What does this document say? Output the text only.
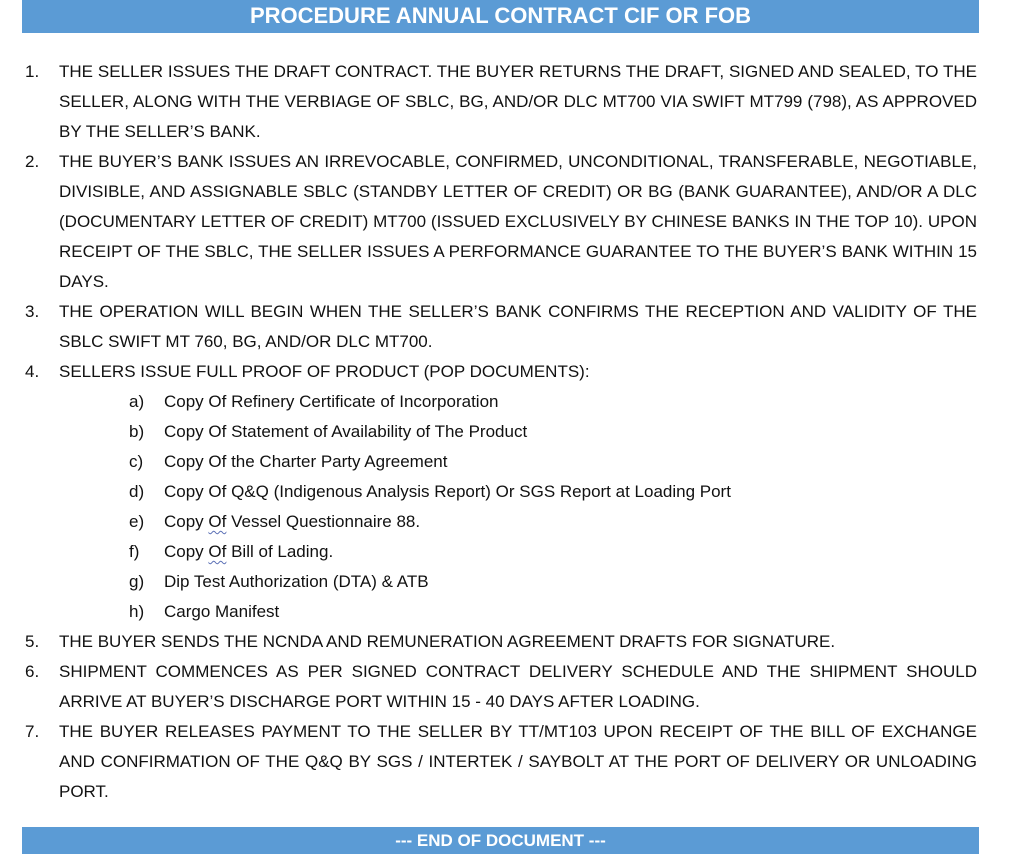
PROCEDURE ANNUAL CONTRACT CIF OR FOB
1. THE SELLER ISSUES THE DRAFT CONTRACT. THE BUYER RETURNS THE DRAFT, SIGNED AND SEALED, TO THE SELLER, ALONG WITH THE VERBIAGE OF SBLC, BG, AND/OR DLC MT700 VIA SWIFT MT799 (798), AS APPROVED BY THE SELLER’S BANK.
2. THE BUYER’S BANK ISSUES AN IRREVOCABLE, CONFIRMED, UNCONDITIONAL, TRANSFERABLE, NEGOTIABLE, DIVISIBLE, AND ASSIGNABLE SBLC (STANDBY LETTER OF CREDIT) OR BG (BANK GUARANTEE), AND/OR A DLC (DOCUMENTARY LETTER OF CREDIT) MT700 (ISSUED EXCLUSIVELY BY CHINESE BANKS IN THE TOP 10). UPON RECEIPT OF THE SBLC, THE SELLER ISSUES A PERFORMANCE GUARANTEE TO THE BUYER’S BANK WITHIN 15 DAYS.
3. THE OPERATION WILL BEGIN WHEN THE SELLER’S BANK CONFIRMS THE RECEPTION AND VALIDITY OF THE SBLC SWIFT MT 760, BG, AND/OR DLC MT700.
4. SELLERS ISSUE FULL PROOF OF PRODUCT (POP DOCUMENTS):
a) Copy Of Refinery Certificate of Incorporation
b) Copy Of Statement of Availability of The Product
c) Copy Of the Charter Party Agreement
d) Copy Of Q&Q (Indigenous Analysis Report) Or SGS Report at Loading Port
e) Copy Of Vessel Questionnaire 88.
f) Copy Of Bill of Lading.
g) Dip Test Authorization (DTA) & ATB
h) Cargo Manifest
5. THE BUYER SENDS THE NCNDA AND REMUNERATION AGREEMENT DRAFTS FOR SIGNATURE.
6. SHIPMENT COMMENCES AS PER SIGNED CONTRACT DELIVERY SCHEDULE AND THE SHIPMENT SHOULD ARRIVE AT BUYER’S DISCHARGE PORT WITHIN 15 - 40 DAYS AFTER LOADING.
7. THE BUYER RELEASES PAYMENT TO THE SELLER BY TT/MT103 UPON RECEIPT OF THE BILL OF EXCHANGE AND CONFIRMATION OF THE Q&Q BY SGS / INTERTEK / SAYBOLT AT THE PORT OF DELIVERY OR UNLOADING PORT.
--- END OF DOCUMENT ---
